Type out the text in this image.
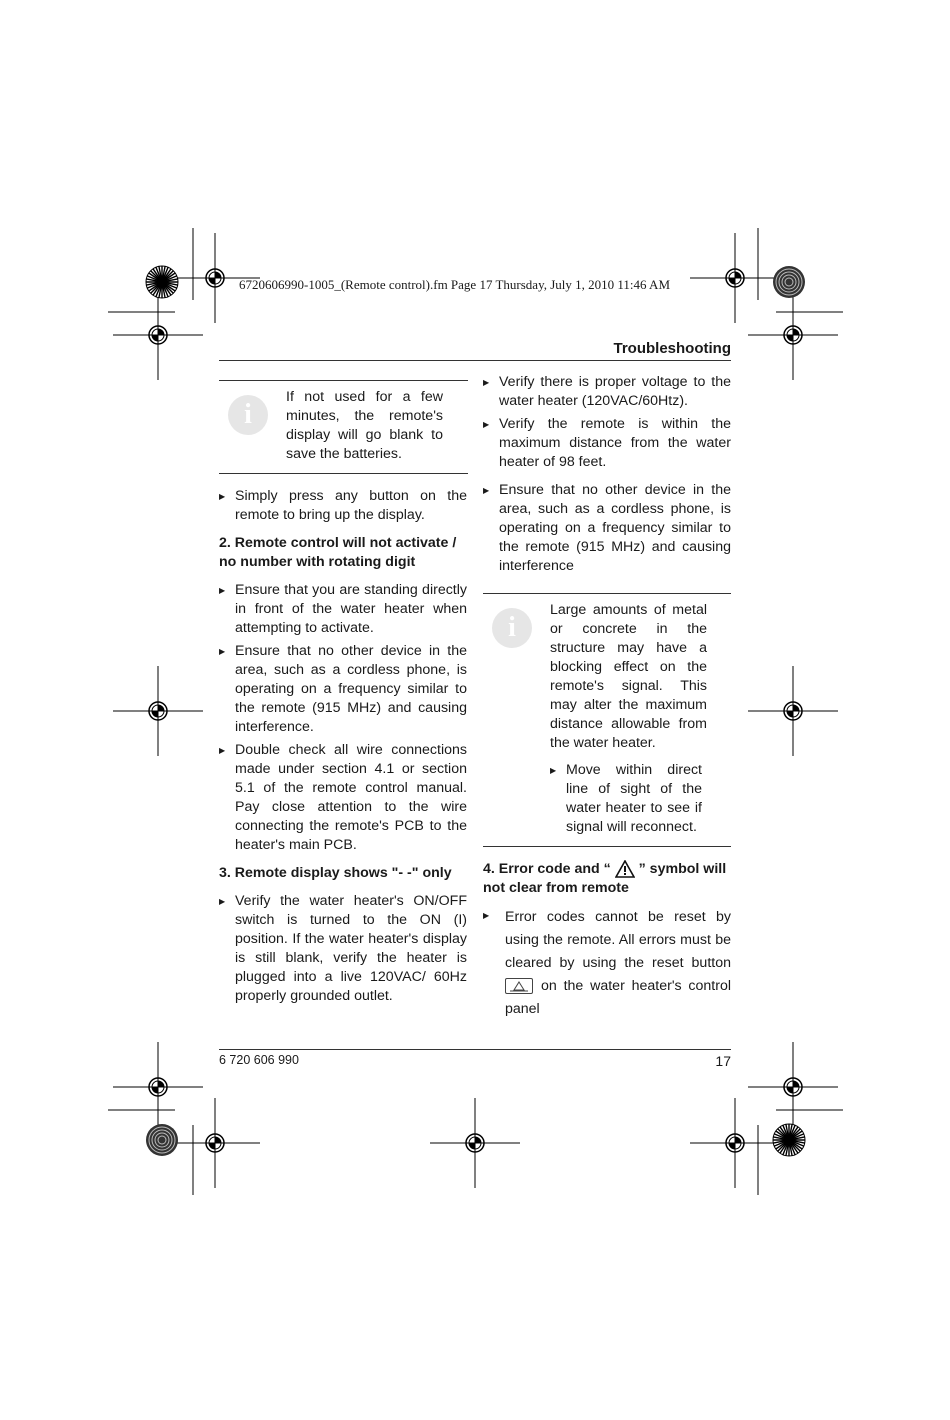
6720606990-1005_(Remote control).fm Page 17 Thursday, July 1, 2010 11:46 AM
Troubleshooting
i
If not used for a few minutes, the remote's display will go blank to save the batteries.
▶ Simply press any button on the remote to bring up the display.
2. Remote control will not activate / no number with rotating digit
▶ Ensure that you are standing directly in front of the water heater when attempting to activate.
▶ Ensure that no other device in the area, such as a cordless phone, is operating on a frequency similar to the remote (915 MHz) and causing interference.
▶ Double check all wire connections made under section 4.1 or section 5.1 of the remote control manual. Pay close attention to the wire connecting the remote's PCB to the heater's main PCB.
3. Remote display shows "- -" only
▶ Verify the water heater's ON/OFF switch is turned to the ON (I) position. If the water heater's display is still blank, verify the heater is plugged into a live 120VAC/ 60Hz properly grounded outlet.
▶ Verify there is proper voltage to the water heater (120VAC/60Htz).
▶ Verify the remote is within the maximum distance from the water heater of 98 feet.
▶ Ensure that no other device in the area, such as a cordless phone, is operating on a frequency similar to the remote (915 MHz) and causing interference
i
Large amounts of metal or concrete in the structure may have a blocking effect on the remote's signal. This may alter the maximum distance allowable from the water heater.
▶ Move within direct line of sight of the water heater to see if signal will reconnect.
4. Error code and “ ” symbol will not clear from remote
▶ Error codes cannot be reset by using the remote. All errors must be cleared by using the reset button
on the water heater's control panel
6 720 606 990	17
